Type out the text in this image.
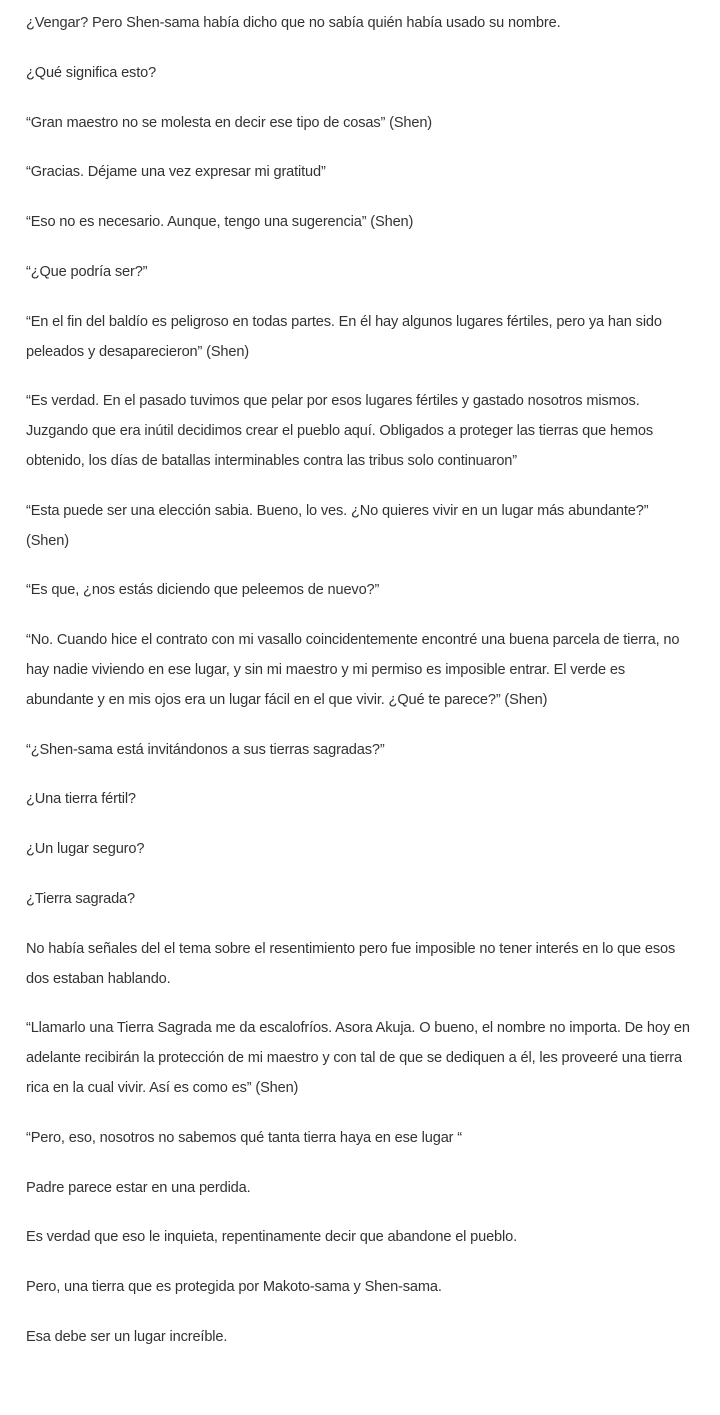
¿Vengar? Pero Shen-sama había dicho que no sabía quién había usado su nombre.

¿Qué significa esto?

“Gran maestro no se molesta en decir ese tipo de cosas” (Shen)

“Gracias. Déjame una vez expresar mi gratitud”

“Eso no es necesario. Aunque, tengo una sugerencia” (Shen)

“¿Que podría ser?”

“En el fin del baldío es peligroso en todas partes. En él hay algunos lugares fértiles, pero ya han sido peleados y desaparecieron” (Shen)

“Es verdad. En el pasado tuvimos que pelar por esos lugares fértiles y gastado nosotros mismos. Juzgando que era inútil decidimos crear el pueblo aquí. Obligados a proteger las tierras que hemos obtenido, los días de batallas interminables contra las tribus solo continuaron”

“Esta puede ser una elección sabia. Bueno, lo ves. ¿No quieres vivir en un lugar más abundante?” (Shen)

“Es que, ¿nos estás diciendo que peleemos de nuevo?”

“No. Cuando hice el contrato con mi vasallo coincidentemente encontré una buena parcela de tierra, no hay nadie viviendo en ese lugar, y sin mi maestro y mi permiso es imposible entrar. El verde es abundante y en mis ojos era un lugar fácil en el que vivir. ¿Qué te parece?” (Shen)

“¿Shen-sama está invitándonos a sus tierras sagradas?”

¿Una tierra fértil?

¿Un lugar seguro?

¿Tierra sagrada?

No había señales del el tema sobre el resentimiento pero fue imposible no tener interés en lo que esos dos estaban hablando.

“Llamarlo una Tierra Sagrada me da escalofríos. Asora Akuja. O bueno, el nombre no importa. De hoy en adelante recibirán la protección de mi maestro y con tal de que se dediquen a él, les proveeré una tierra rica en la cual vivir. Así es como es” (Shen)

“Pero, eso, nosotros no sabemos qué tanta tierra haya en ese lugar “

Padre parece estar en una perdida.

Es verdad que eso le inquieta, repentinamente decir que abandone el pueblo.

Pero, una tierra que es protegida por Makoto-sama y Shen-sama.

Esa debe ser un lugar increíble.
